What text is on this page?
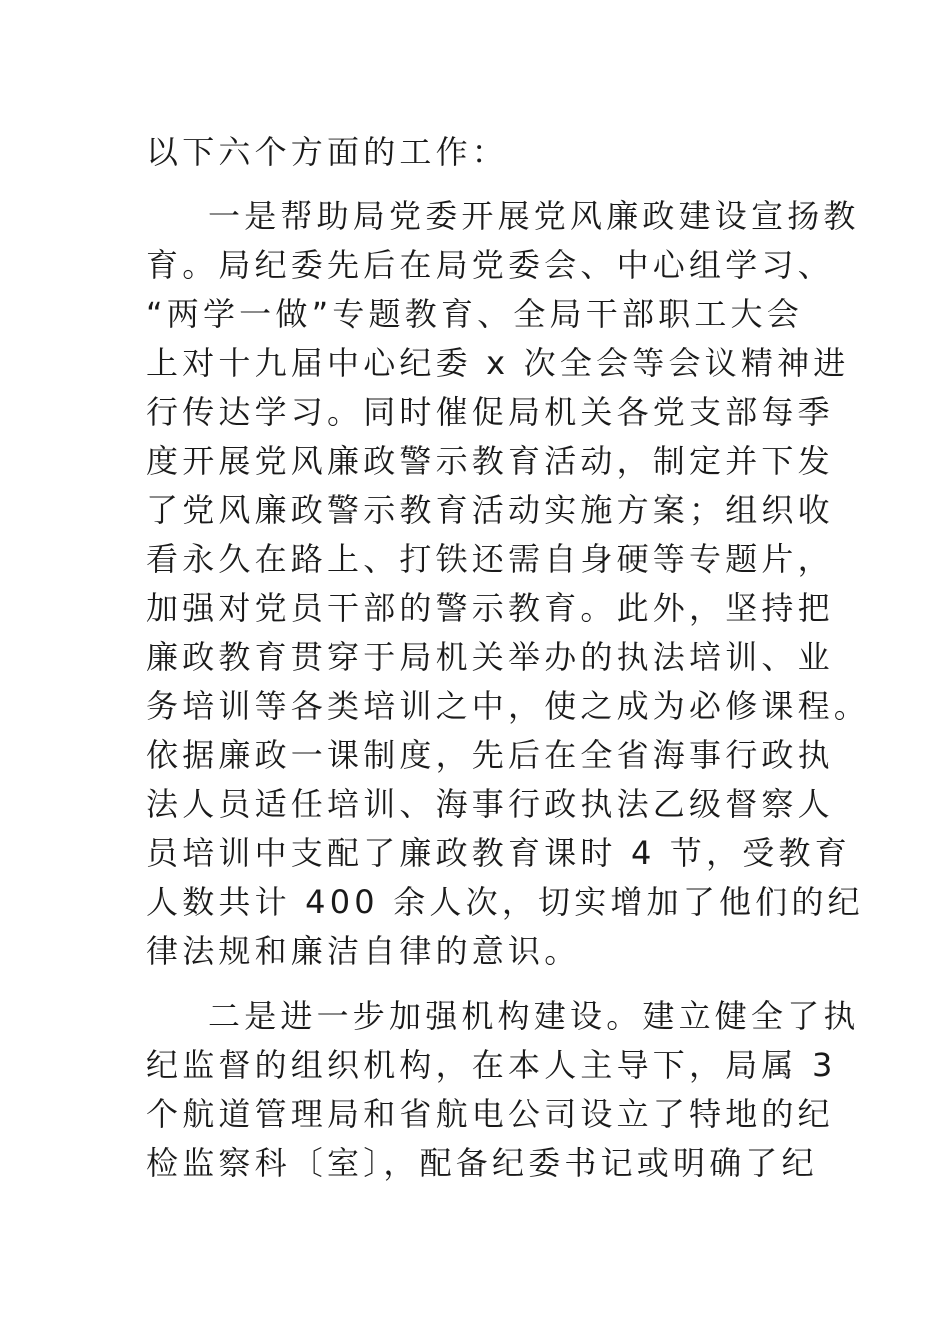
以下六个方面的工作：
一是帮助局党委开展党风廉政建设宣扬教
育。局纪委先后在局党委会、中心组学习、
“两学一做”专题教育、全局干部职工大会
上对十九届中心纪委 x 次全会等会议精神进
行传达学习。同时催促局机关各党支部每季
度开展党风廉政警示教育活动，制定并下发
了党风廉政警示教育活动实施方案；组织收
看永久在路上、打铁还需自身硬等专题片，
加强对党员干部的警示教育。此外，坚持把
廉政教育贯穿于局机关举办的执法培训、业
务培训等各类培训之中，使之成为必修课程。
依据廉政一课制度，先后在全省海事行政执
法人员适任培训、海事行政执法乙级督察人
员培训中支配了廉政教育课时 4 节，受教育
人数共计 400 余人次，切实增加了他们的纪
律法规和廉洁自律的意识。
二是进一步加强机构建设。建立健全了执
纪监督的组织机构，在本人主导下，局属 3
个航道管理局和省航电公司设立了特地的纪
检监察科〔室〕，配备纪委书记或明确了纪
